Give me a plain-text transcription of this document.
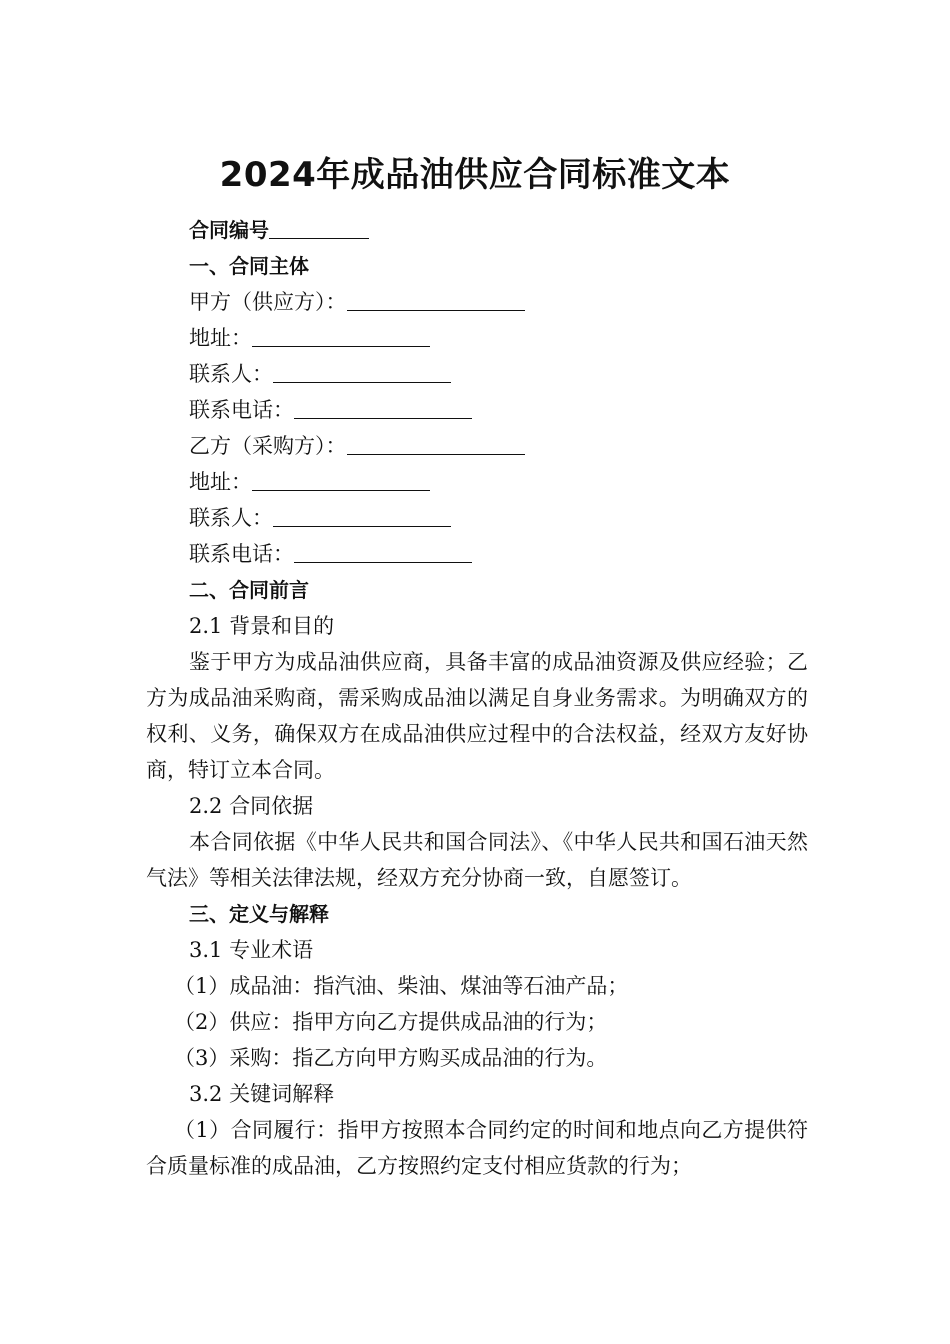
2024年成品油供应合同标准文本
合同编号
一、合同主体
甲方（供应方）：
地址：
联系人：
联系电话：
乙方（采购方）：
地址：
联系人：
联系电话：
二、合同前言
2.1 背景和目的
鉴于甲方为成品油供应商，具备丰富的成品油资源及供应经验；乙方为成品油采购商，需采购成品油以满足自身业务需求。为明确双方的权利、义务，确保双方在成品油供应过程中的合法权益，经双方友好协商，特订立本合同。
2.2 合同依据
本合同依据《中华人民共和国合同法》、《中华人民共和国石油天然气法》等相关法律法规，经双方充分协商一致，自愿签订。
三、定义与解释
3.1 专业术语
（1）成品油：指汽油、柴油、煤油等石油产品；
（2）供应：指甲方向乙方提供成品油的行为；
（3）采购：指乙方向甲方购买成品油的行为。
3.2 关键词解释
（1）合同履行：指甲方按照本合同约定的时间和地点向乙方提供符合质量标准的成品油，乙方按照约定支付相应货款的行为；
